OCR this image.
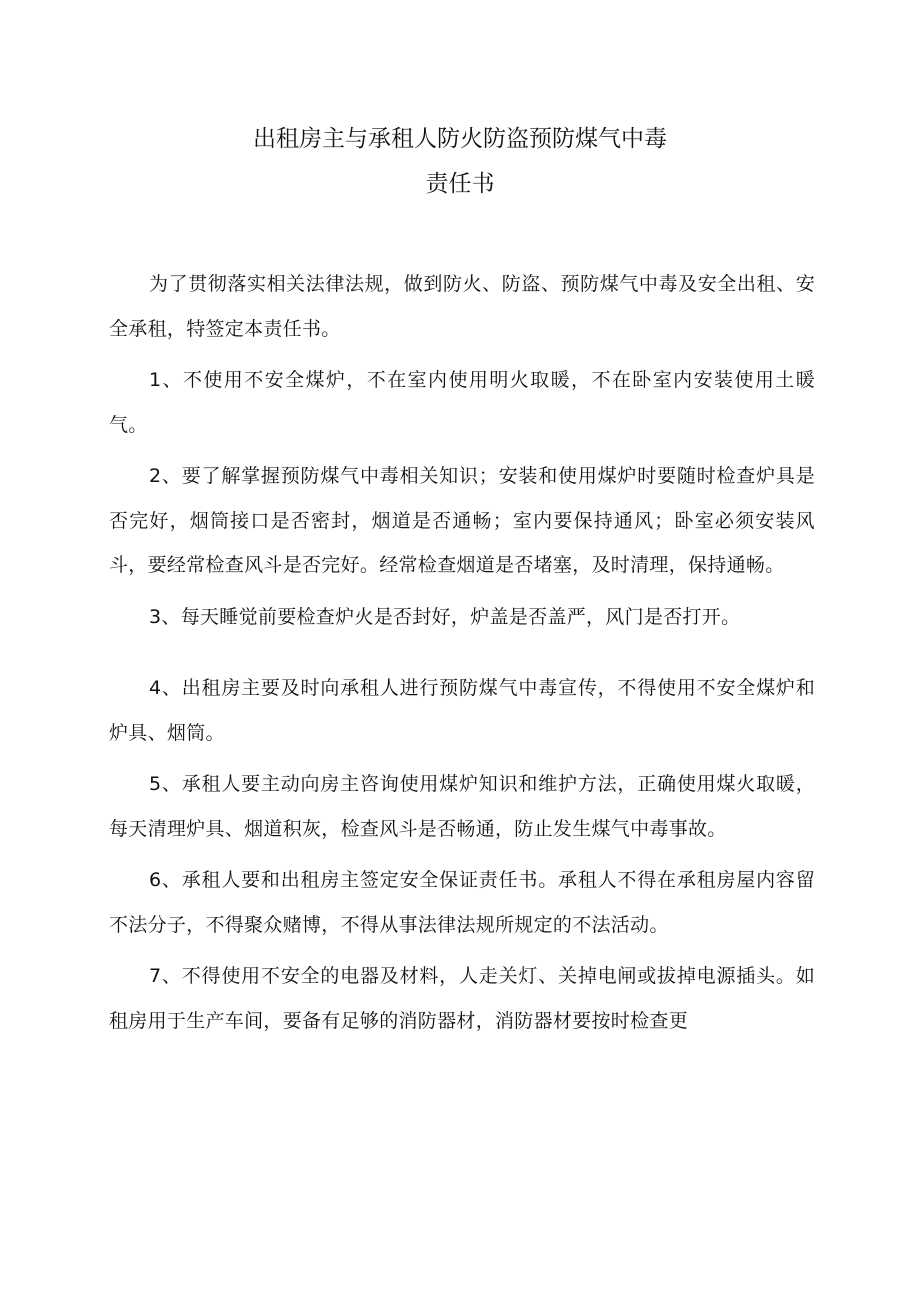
出租房主与承租人防火防盗预防煤气中毒
责任书

为了贯彻落实相关法律法规，做到防火、防盗、预防煤气中毒及安全出租、安全承租，特签定本责任书。

1、不使用不安全煤炉，不在室内使用明火取暖，不在卧室内安装使用土暖气。

2、要了解掌握预防煤气中毒相关知识；安装和使用煤炉时要随时检查炉具是否完好，烟筒接口是否密封，烟道是否通畅；室内要保持通风；卧室必须安装风斗，要经常检查风斗是否完好。经常检查烟道是否堵塞，及时清理，保持通畅。

3、每天睡觉前要检查炉火是否封好，炉盖是否盖严，风门是否打开。

4、出租房主要及时向承租人进行预防煤气中毒宣传，不得使用不安全煤炉和炉具、烟筒。

5、承租人要主动向房主咨询使用煤炉知识和维护方法，正确使用煤火取暖，每天清理炉具、烟道积灰，检查风斗是否畅通，防止发生煤气中毒事故。

6、承租人要和出租房主签定安全保证责任书。承租人不得在承租房屋内容留不法分子，不得聚众赌博，不得从事法律法规所规定的不法活动。

7、不得使用不安全的电器及材料，人走关灯、关掉电闸或拔掉电源插头。如租房用于生产车间，要备有足够的消防器材，消防器材要按时检查更
